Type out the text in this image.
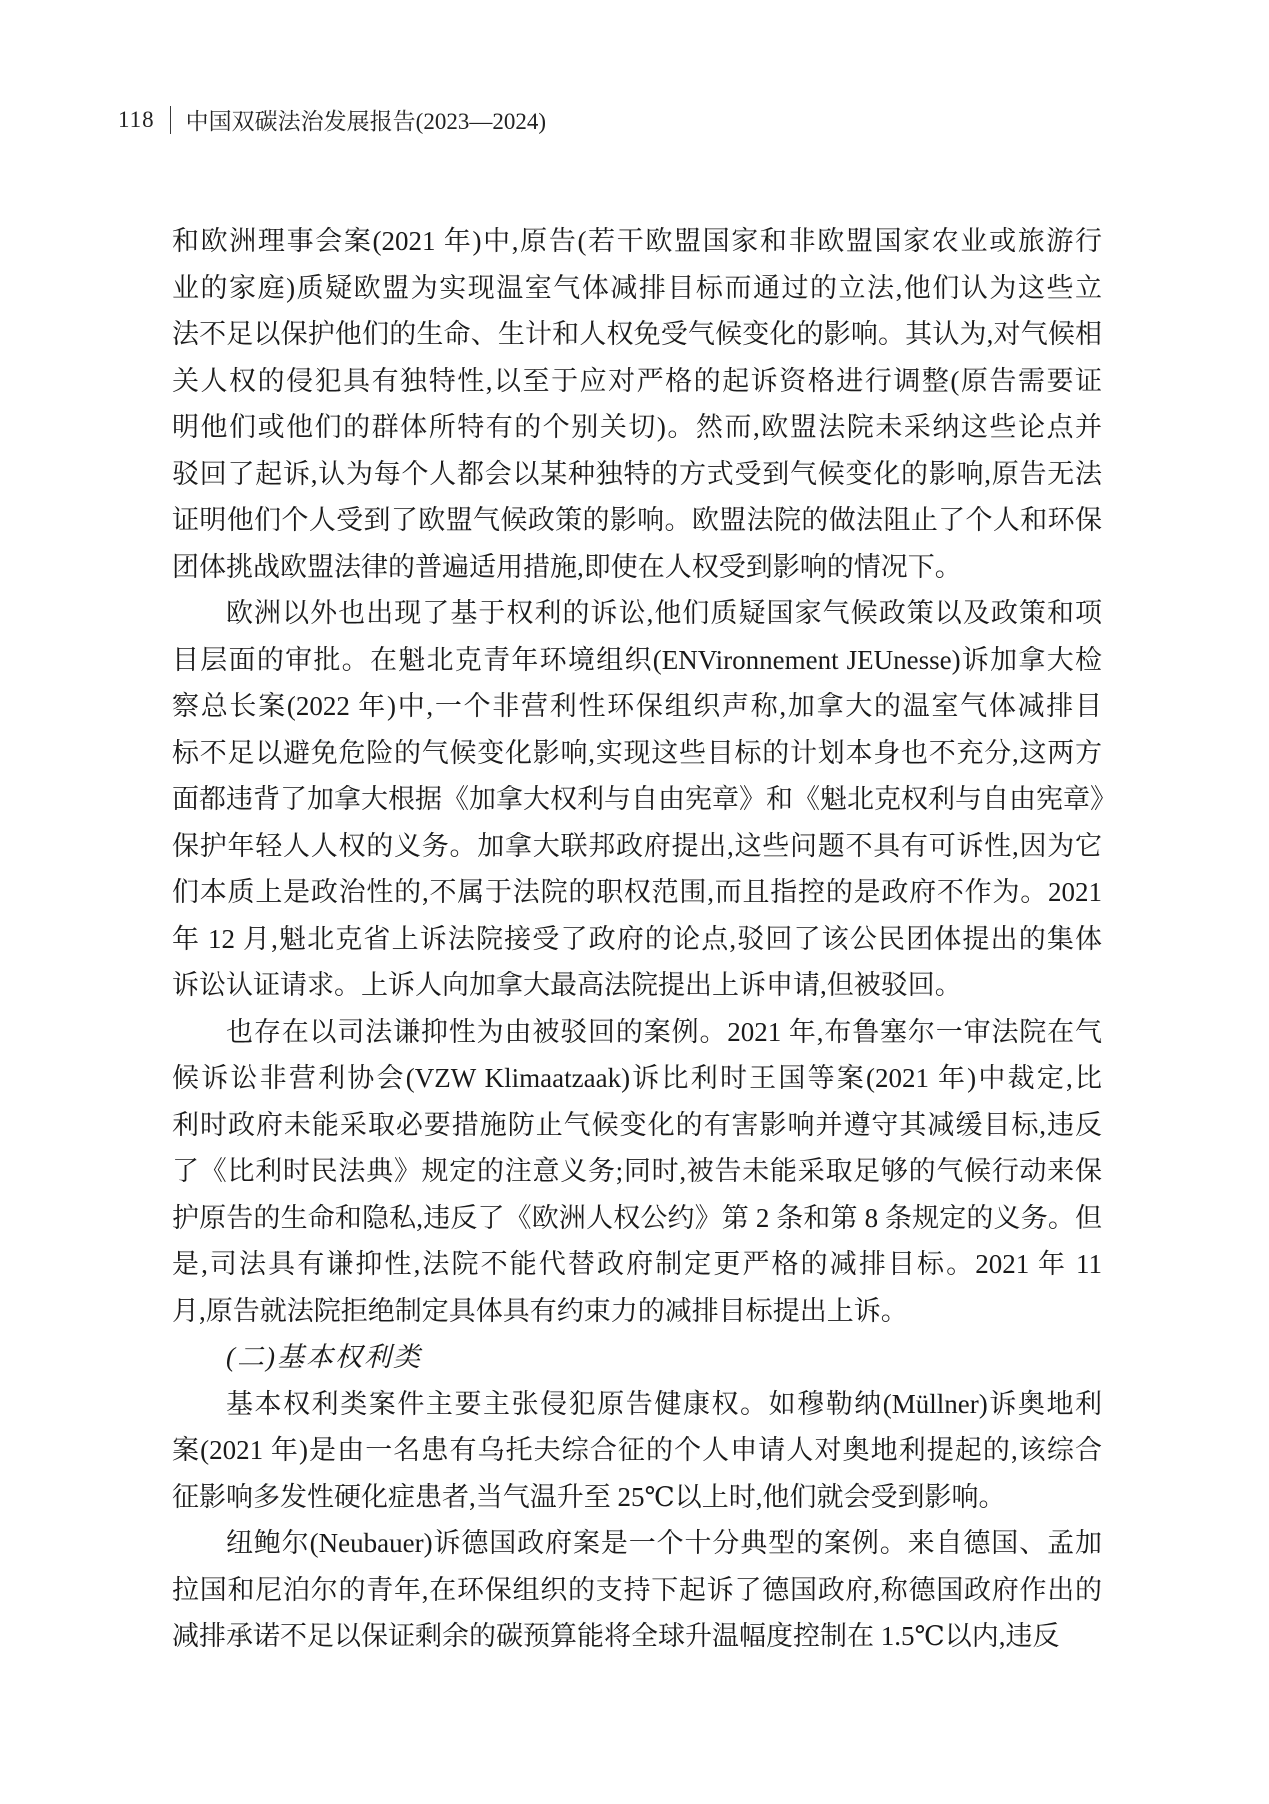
118 中国双碳法治发展报告(2023—2024)
和欧洲理事会案(2021 年)中,原告(若干欧盟国家和非欧盟国家农业或旅游行
业的家庭)质疑欧盟为实现温室气体减排目标而通过的立法,他们认为这些立
法不足以保护他们的生命、生计和人权免受气候变化的影响。其认为,对气候相
关人权的侵犯具有独特性,以至于应对严格的起诉资格进行调整(原告需要证
明他们或他们的群体所特有的个别关切)。然而,欧盟法院未采纳这些论点并
驳回了起诉,认为每个人都会以某种独特的方式受到气候变化的影响,原告无法
证明他们个人受到了欧盟气候政策的影响。欧盟法院的做法阻止了个人和环保
团体挑战欧盟法律的普遍适用措施,即使在人权受到影响的情况下。
欧洲以外也出现了基于权利的诉讼,他们质疑国家气候政策以及政策和项
目层面的审批。在魁北克青年环境组织(ENVironnement JEUnesse)诉加拿大检
察总长案(2022 年)中,一个非营利性环保组织声称,加拿大的温室气体减排目
标不足以避免危险的气候变化影响,实现这些目标的计划本身也不充分,这两方
面都违背了加拿大根据《加拿大权利与自由宪章》和《魁北克权利与自由宪章》
保护年轻人人权的义务。加拿大联邦政府提出,这些问题不具有可诉性,因为它
们本质上是政治性的,不属于法院的职权范围,而且指控的是政府不作为。2021
年 12 月,魁北克省上诉法院接受了政府的论点,驳回了该公民团体提出的集体
诉讼认证请求。上诉人向加拿大最高法院提出上诉申请,但被驳回。
也存在以司法谦抑性为由被驳回的案例。2021 年,布鲁塞尔一审法院在气
候诉讼非营利协会(VZW Klimaatzaak)诉比利时王国等案(2021 年)中裁定,比
利时政府未能采取必要措施防止气候变化的有害影响并遵守其减缓目标,违反
了《比利时民法典》规定的注意义务;同时,被告未能采取足够的气候行动来保
护原告的生命和隐私,违反了《欧洲人权公约》第 2 条和第 8 条规定的义务。但
是,司法具有谦抑性,法院不能代替政府制定更严格的减排目标。2021 年 11
月,原告就法院拒绝制定具体具有约束力的减排目标提出上诉。
(二)基本权利类
基本权利类案件主要主张侵犯原告健康权。如穆勒纳(Müllner)诉奥地利
案(2021 年)是由一名患有乌托夫综合征的个人申请人对奥地利提起的,该综合
征影响多发性硬化症患者,当气温升至 25℃以上时,他们就会受到影响。
纽鲍尔(Neubauer)诉德国政府案是一个十分典型的案例。来自德国、孟加
拉国和尼泊尔的青年,在环保组织的支持下起诉了德国政府,称德国政府作出的
减排承诺不足以保证剩余的碳预算能将全球升温幅度控制在 1.5℃以内,违反
